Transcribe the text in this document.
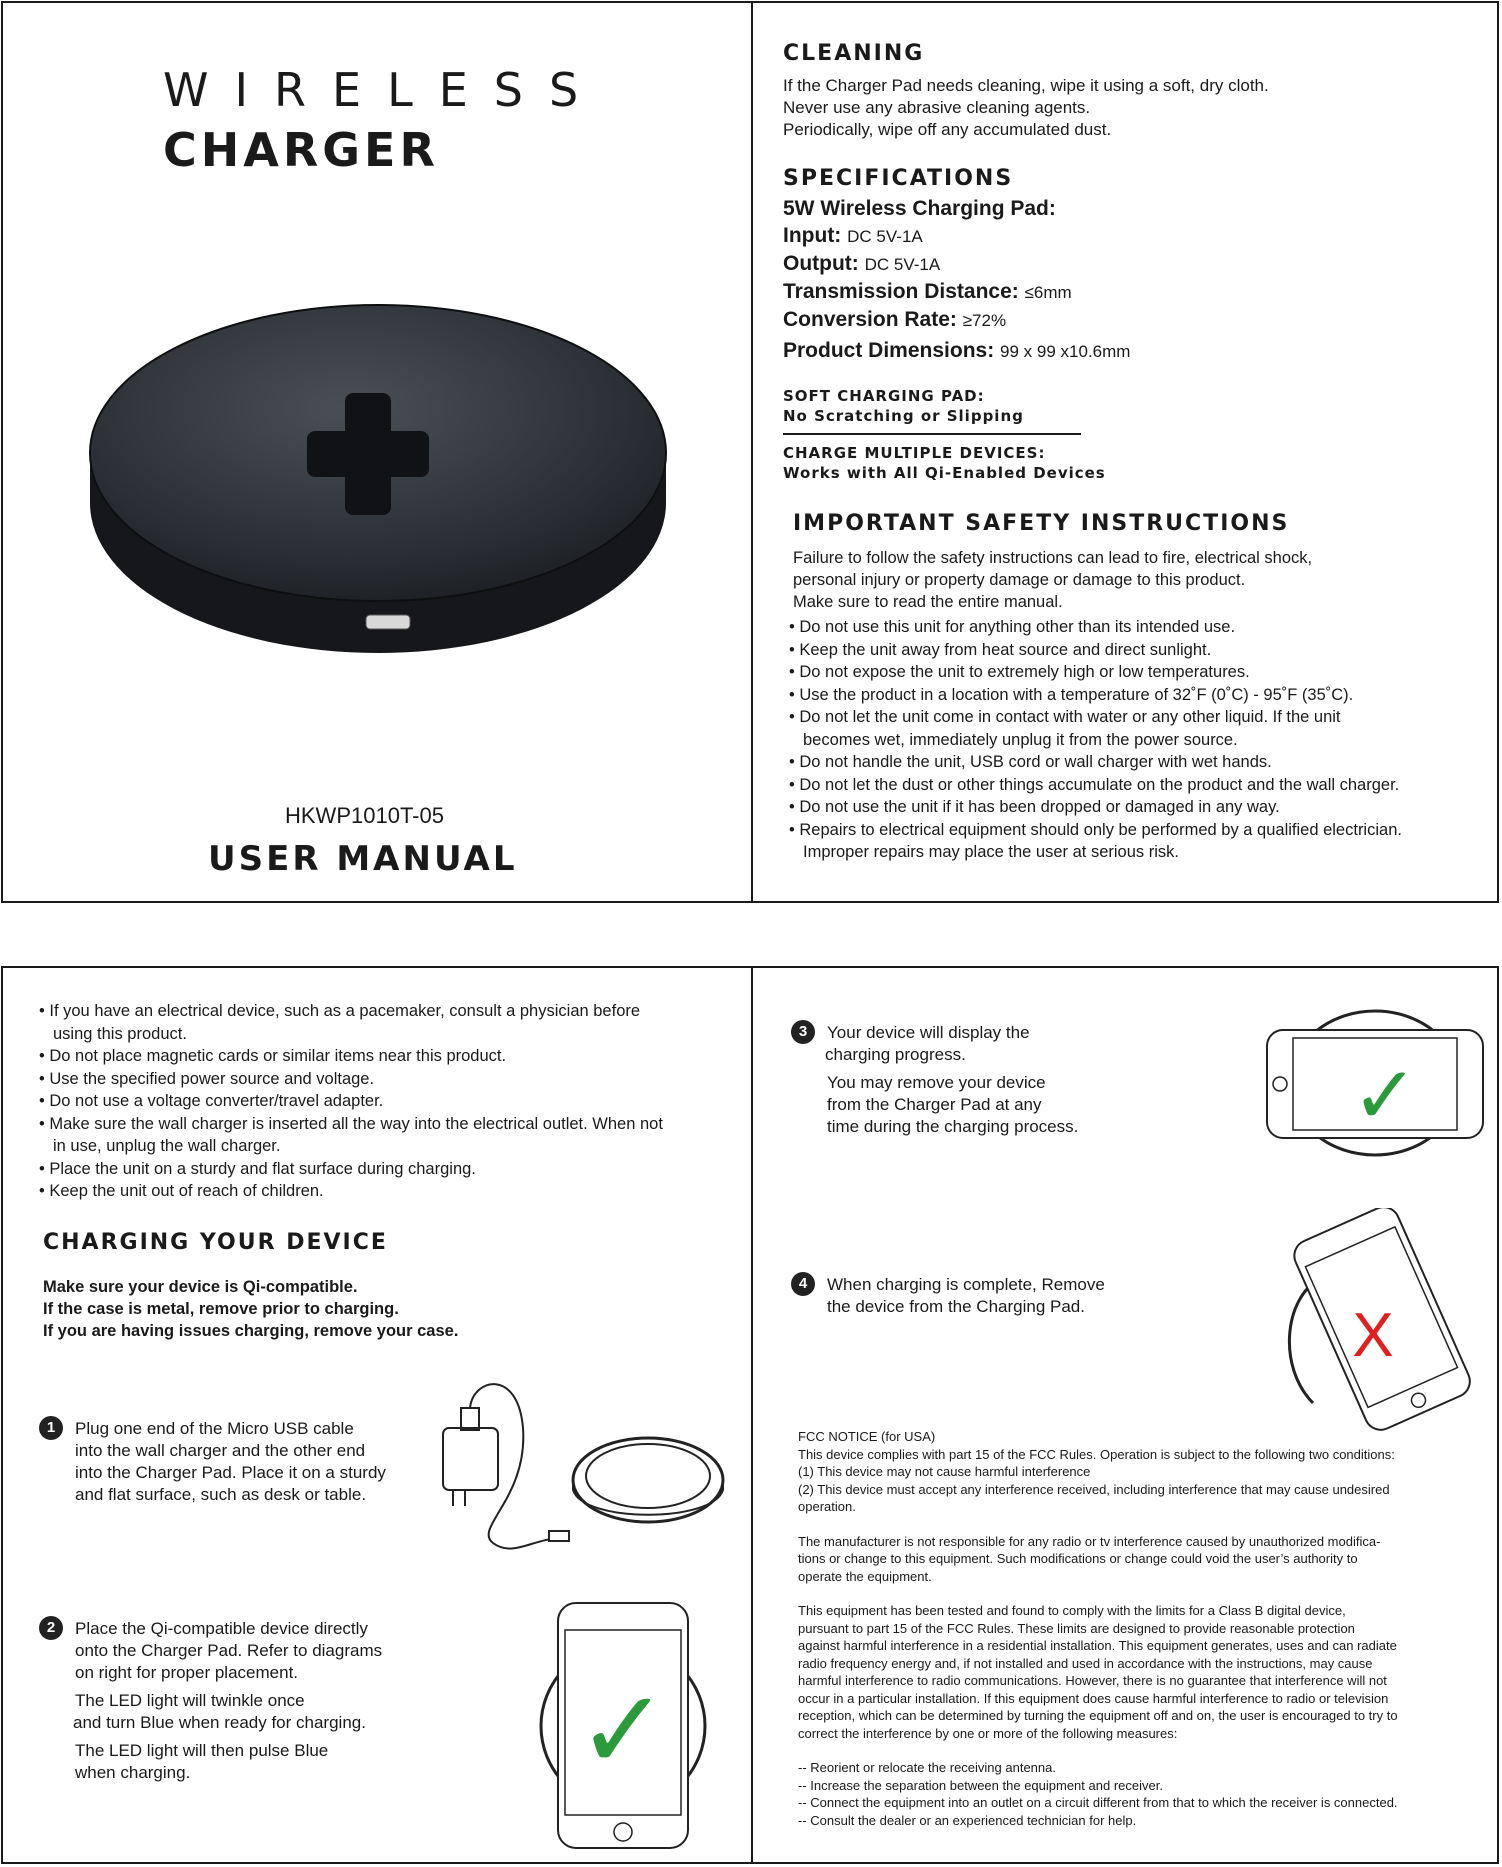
WIRELESS
CHARGER
HKWP1010T-05
USER MANUAL
CLEANING

If the Charger Pad needs cleaning, wipe it using a soft, dry cloth.

Never use any abrasive cleaning agents.

Periodically, wipe off any accumulated dust.

SPECIFICATIONS

5W Wireless Charging Pad:

Input: DC 5V-1A

Output: DC 5V-1A

Transmission Distance: ≤6mm

Conversion Rate: ≥72%

Product Dimensions: 99 x 99 x10.6mm

SOFT CHARGING PAD:

No Scratching or Slipping

CHARGE MULTIPLE DEVICES:

Works with All Qi-Enabled Devices

IMPORTANT SAFETY INSTRUCTIONS

Failure to follow the safety instructions can lead to fire, electrical shock,

personal injury or property damage or damage to this product.

Make sure to read the entire manual.

• Do not use this unit for anything other than its intended use.
• Keep the unit away from heat source and direct sunlight.
• Do not expose the unit to extremely high or low temperatures.
• Use the product in a location with a temperature of 32˚F (0˚C) - 95˚F (35˚C).
• Do not let the unit come in contact with water or any other liquid. If the unit becomes wet, immediately unplug it from the power source.
• Do not handle the unit, USB cord or wall charger with wet hands.
• Do not let the dust or other things accumulate on the product and the wall charger.
• Do not use the unit if it has been dropped or damaged in any way.
• Repairs to electrical equipment should only be performed by a qualified electrician. Improper repairs may place the user at serious risk.
• If you have an electrical device, such as a pacemaker, consult a physician before using this product.
• Do not place magnetic cards or similar items near this product.
• Use the specified power source and voltage.
• Do not use a voltage converter/travel adapter.
• Make sure the wall charger is inserted all the way into the electrical outlet. When not in use, unplug the wall charger.
• Place the unit on a sturdy and flat surface during charging.
• Keep the unit out of reach of children.
CHARGING YOUR DEVICE

Make sure your device is Qi-compatible.

If the case is metal, remove prior to charging.

If you are having issues charging, remove your case.

1	Plug one end of the Micro USB cable

into the wall charger and the other end

into the Charger Pad. Place it on a sturdy

and flat surface, such as desk or table.

2	Place the Qi-compatible device directly

onto the Charger Pad. Refer to diagrams

on right for proper placement.

The LED light will twinkle once

and turn Blue when ready for charging.

The LED light will then pulse Blue

when charging.	✓
3	Your device will display the

charging progress.

You may remove your device

from the Charger Pad at any

time during the charging process.	✓
4	When charging is complete, Remove

the device from the Charging Pad.	X

FCC NOTICE (for USA)
This device complies with part 15 of the FCC Rules. Operation is subject to the following two conditions:
(1) This device may not cause harmful interference
(2) This device must accept any interference received, including interference that may cause undesired
operation.

The manufacturer is not responsible for any radio or tv interference caused by unauthorized modifica-
tions or change to this equipment. Such modifications or change could void the user’s authority to
operate the equipment.

This equipment has been tested and found to comply with the limits for a Class B digital device,
pursuant to part 15 of the FCC Rules. These limits are designed to provide reasonable protection
against harmful interference in a residential installation. This equipment generates, uses and can radiate
radio frequency energy and, if not installed and used in accordance with the instructions, may cause
harmful interference to radio communications. However, there is no guarantee that interference will not
occur in a particular installation. If this equipment does cause harmful interference to radio or television
reception, which can be determined by turning the equipment off and on, the user is encouraged to try to
correct the interference by one or more of the following measures:

-- Reorient or relocate the receiving antenna.
-- Increase the separation between the equipment and receiver.
-- Connect the equipment into an outlet on a circuit different from that to which the receiver is connected.
-- Consult the dealer or an experienced technician for help.
